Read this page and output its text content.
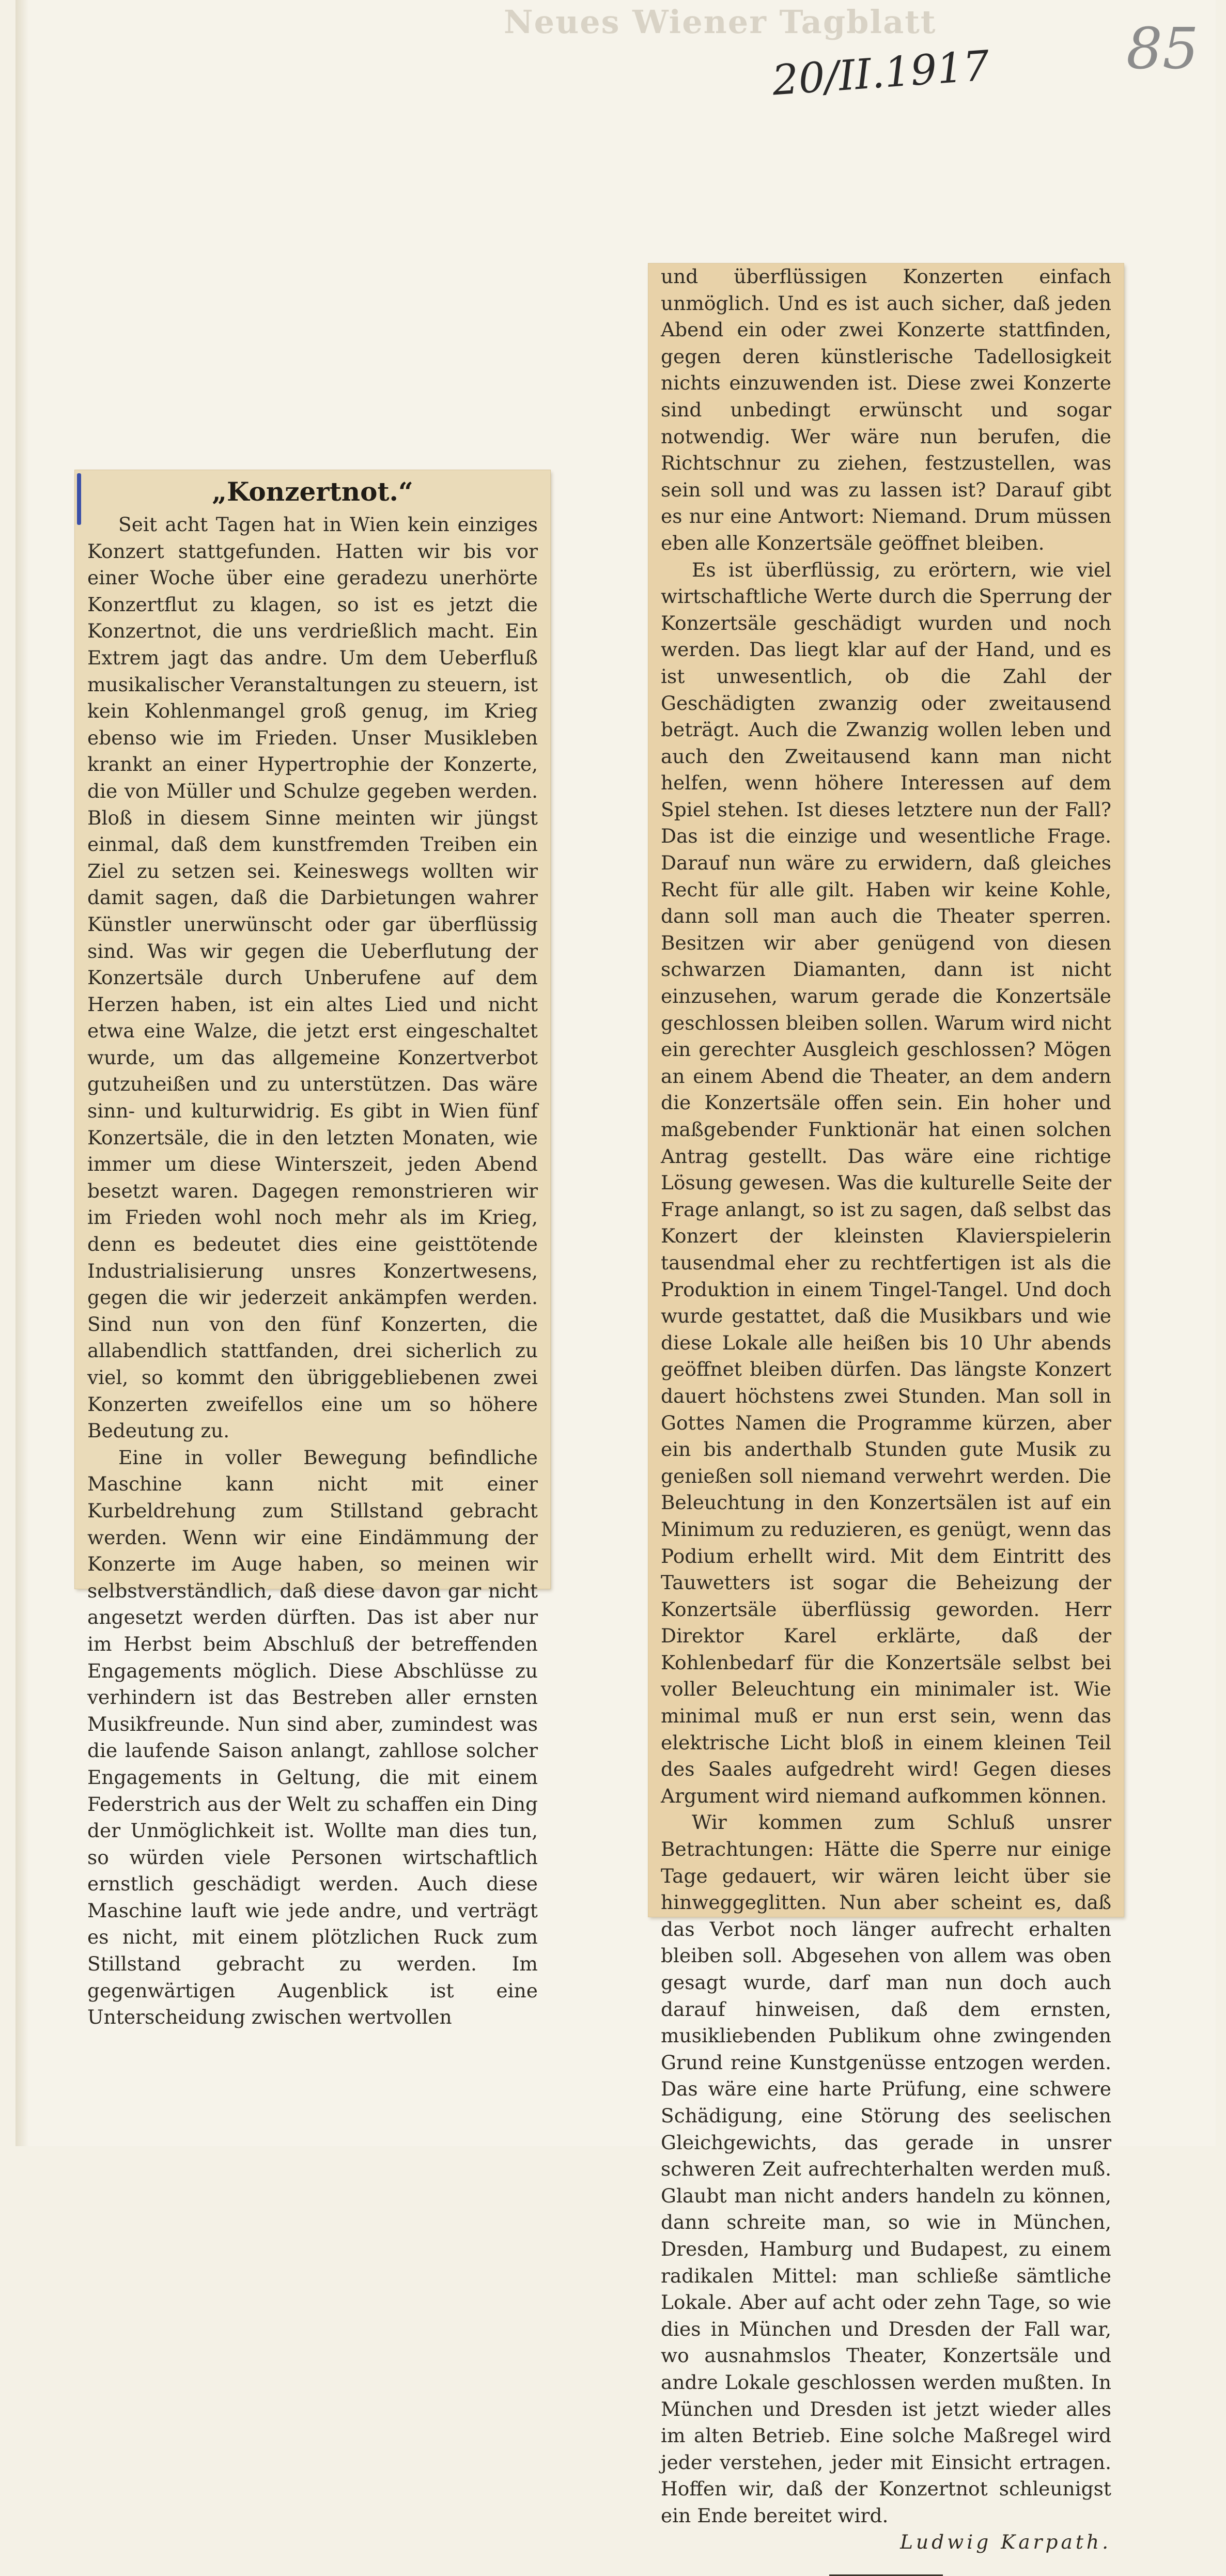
Neues Wiener Tagblatt
20/II.1917 85
„Konzertnot.“

Seit acht Tagen hat in Wien kein einziges Konzert stattgefunden. Hatten wir bis vor einer Woche über eine geradezu unerhörte Konzertflut zu klagen, so ist es jetzt die Konzertnot, die uns verdrießlich macht. Ein Extrem jagt das andre. Um dem Ueberfluß musikalischer Veranstaltungen zu steuern, ist kein Kohlenmangel groß genug, im Krieg ebenso wie im Frieden. Unser Musikleben krankt an einer Hypertrophie der Konzerte, die von Müller und Schulze gegeben werden. Bloß in diesem Sinne meinten wir jüngst einmal, daß dem kunstfremden Treiben ein Ziel zu setzen sei. Keineswegs wollten wir damit sagen, daß die Darbietungen wahrer Künstler unerwünscht oder gar überflüssig sind. Was wir gegen die Ueberflutung der Konzertsäle durch Unberufene auf dem Herzen haben, ist ein altes Lied und nicht etwa eine Walze, die jetzt erst eingeschaltet wurde, um das allgemeine Konzertverbot gutzuheißen und zu unterstützen. Das wäre sinn- und kulturwidrig. Es gibt in Wien fünf Konzertsäle, die in den letzten Monaten, wie immer um diese Winterszeit, jeden Abend besetzt waren. Dagegen remonstrieren wir im Frieden wohl noch mehr als im Krieg, denn es bedeutet dies eine geisttötende Industrialisierung unsres Konzertwesens, gegen die wir jederzeit ankämpfen werden. Sind nun von den fünf Konzerten, die allabendlich stattfanden, drei sicherlich zu viel, so kommt den übriggebliebenen zwei Konzerten zweifellos eine um so höhere Bedeutung zu.

Eine in voller Bewegung befindliche Maschine kann nicht mit einer Kurbeldrehung zum Stillstand gebracht werden. Wenn wir eine Eindämmung der Konzerte im Auge haben, so meinen wir selbstverständlich, daß diese davon gar nicht angesetzt werden dürften. Das ist aber nur im Herbst beim Abschluß der betreffenden Engagements möglich. Diese Abschlüsse zu verhindern ist das Bestreben aller ernsten Musikfreunde. Nun sind aber, zumindest was die laufende Saison anlangt, zahllose solcher Engagements in Geltung, die mit einem Federstrich aus der Welt zu schaffen ein Ding der Unmöglichkeit ist. Wollte man dies tun, so würden viele Personen wirtschaftlich ernstlich geschädigt werden. Auch diese Maschine lauft wie jede andre, und verträgt es nicht, mit einem plötzlichen Ruck zum Stillstand gebracht zu werden. Im gegenwärtigen Augenblick ist eine Unterscheidung zwischen wertvollen

und überflüssigen Konzerten einfach unmöglich. Und es ist auch sicher, daß jeden Abend ein oder zwei Konzerte stattfinden, gegen deren künstlerische Tadellosigkeit nichts einzuwenden ist. Diese zwei Konzerte sind unbedingt erwünscht und sogar notwendig. Wer wäre nun berufen, die Richtschnur zu ziehen, festzustellen, was sein soll und was zu lassen ist? Darauf gibt es nur eine Antwort: Niemand. Drum müssen eben alle Konzertsäle geöffnet bleiben.

Es ist überflüssig, zu erörtern, wie viel wirtschaftliche Werte durch die Sperrung der Konzertsäle geschädigt wurden und noch werden. Das liegt klar auf der Hand, und es ist unwesentlich, ob die Zahl der Geschädigten zwanzig oder zweitausend beträgt. Auch die Zwanzig wollen leben und auch den Zweitausend kann man nicht helfen, wenn höhere Interessen auf dem Spiel stehen. Ist dieses letztere nun der Fall? Das ist die einzige und wesentliche Frage. Darauf nun wäre zu erwidern, daß gleiches Recht für alle gilt. Haben wir keine Kohle, dann soll man auch die Theater sperren. Besitzen wir aber genügend von diesen schwarzen Diamanten, dann ist nicht einzusehen, warum gerade die Konzertsäle geschlossen bleiben sollen. Warum wird nicht ein gerechter Ausgleich geschlossen? Mögen an einem Abend die Theater, an dem andern die Konzertsäle offen sein. Ein hoher und maßgebender Funktionär hat einen solchen Antrag gestellt. Das wäre eine richtige Lösung gewesen. Was die kulturelle Seite der Frage anlangt, so ist zu sagen, daß selbst das Konzert der kleinsten Klavierspielerin tausendmal eher zu rechtfertigen ist als die Produktion in einem Tingel-Tangel. Und doch wurde gestattet, daß die Musikbars und wie diese Lokale alle heißen bis 10 Uhr abends geöffnet bleiben dürfen. Das längste Konzert dauert höchstens zwei Stunden. Man soll in Gottes Namen die Programme kürzen, aber ein bis anderthalb Stunden gute Musik zu genießen soll niemand verwehrt werden. Die Beleuchtung in den Konzertsälen ist auf ein Minimum zu reduzieren, es genügt, wenn das Podium erhellt wird. Mit dem Eintritt des Tauwetters ist sogar die Beheizung der Konzertsäle überflüssig geworden. Herr Direktor Karel erklärte, daß der Kohlenbedarf für die Konzertsäle selbst bei voller Beleuchtung ein minimaler ist. Wie minimal muß er nun erst sein, wenn das elektrische Licht bloß in einem kleinen Teil des Saales aufgedreht wird! Gegen dieses Argument wird niemand aufkommen können.

Wir kommen zum Schluß unsrer Betrachtungen: Hätte die Sperre nur einige Tage gedauert, wir wären leicht über sie hinweggeglitten. Nun aber scheint es, daß das Verbot noch länger aufrecht erhalten bleiben soll. Abgesehen von allem was oben gesagt wurde, darf man nun doch auch darauf hinweisen, daß dem ernsten, musikliebenden Publikum ohne zwingenden Grund reine Kunstgenüsse entzogen werden. Das wäre eine harte Prüfung, eine schwere Schädigung, eine Störung des seelischen Gleichgewichts, das gerade in unsrer schweren Zeit aufrechterhalten werden muß. Glaubt man nicht anders handeln zu können, dann schreite man, so wie in München, Dresden, Hamburg und Budapest, zu einem radikalen Mittel: man schließe sämtliche Lokale. Aber auf acht oder zehn Tage, so wie dies in München und Dresden der Fall war, wo ausnahmslos Theater, Konzertsäle und andre Lokale geschlossen werden mußten. In München und Dresden ist jetzt wieder alles im alten Betrieb. Eine solche Maßregel wird jeder verstehen, jeder mit Einsicht ertragen. Hoffen wir, daß der Konzertnot schleunigst ein Ende bereitet wird.

Ludwig Karpath.
